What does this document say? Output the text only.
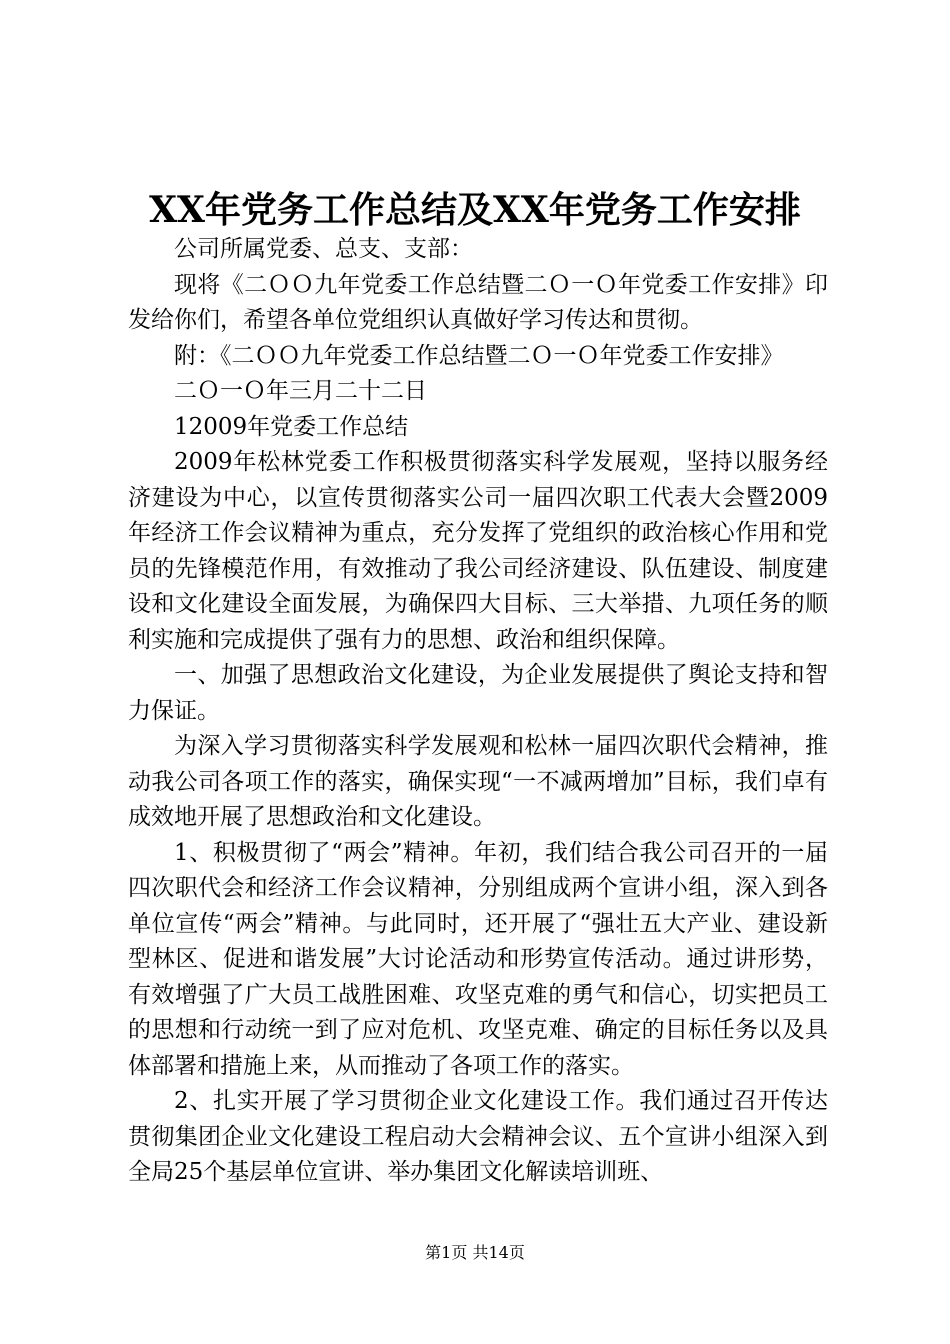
XX年党务工作总结及XX年党务工作安排

公司所属党委、总支、支部：

现将《二ＯＯ九年党委工作总结暨二Ｏ一Ｏ年党委工作安排》印发给你们，希望各单位党组织认真做好学习传达和贯彻。

附：《二ＯＯ九年党委工作总结暨二Ｏ一Ｏ年党委工作安排》

二Ｏ一Ｏ年三月二十二日

12009年党委工作总结

2009年松林党委工作积极贯彻落实科学发展观，坚持以服务经济建设为中心，以宣传贯彻落实公司一届四次职工代表大会暨2009年经济工作会议精神为重点，充分发挥了党组织的政治核心作用和党员的先锋模范作用，有效推动了我公司经济建设、队伍建设、制度建设和文化建设全面发展，为确保四大目标、三大举措、九项任务的顺利实施和完成提供了强有力的思想、政治和组织保障。

一、加强了思想政治文化建设，为企业发展提供了舆论支持和智力保证。

为深入学习贯彻落实科学发展观和松林一届四次职代会精神，推动我公司各项工作的落实，确保实现“一不减两增加”目标，我们卓有成效地开展了思想政治和文化建设。

1、积极贯彻了“两会”精神。年初，我们结合我公司召开的一届四次职代会和经济工作会议精神，分别组成两个宣讲小组，深入到各单位宣传“两会”精神。与此同时，还开展了“强壮五大产业、建设新型林区、促进和谐发展”大讨论活动和形势宣传活动。通过讲形势，有效增强了广大员工战胜困难、攻坚克难的勇气和信心，切实把员工的思想和行动统一到了应对危机、攻坚克难、确定的目标任务以及具体部署和措施上来，从而推动了各项工作的落实。

2、扎实开展了学习贯彻企业文化建设工作。我们通过召开传达贯彻集团企业文化建设工程启动大会精神会议、五个宣讲小组深入到全局25个基层单位宣讲、举办集团文化解读培训班、

第1页 共14页
